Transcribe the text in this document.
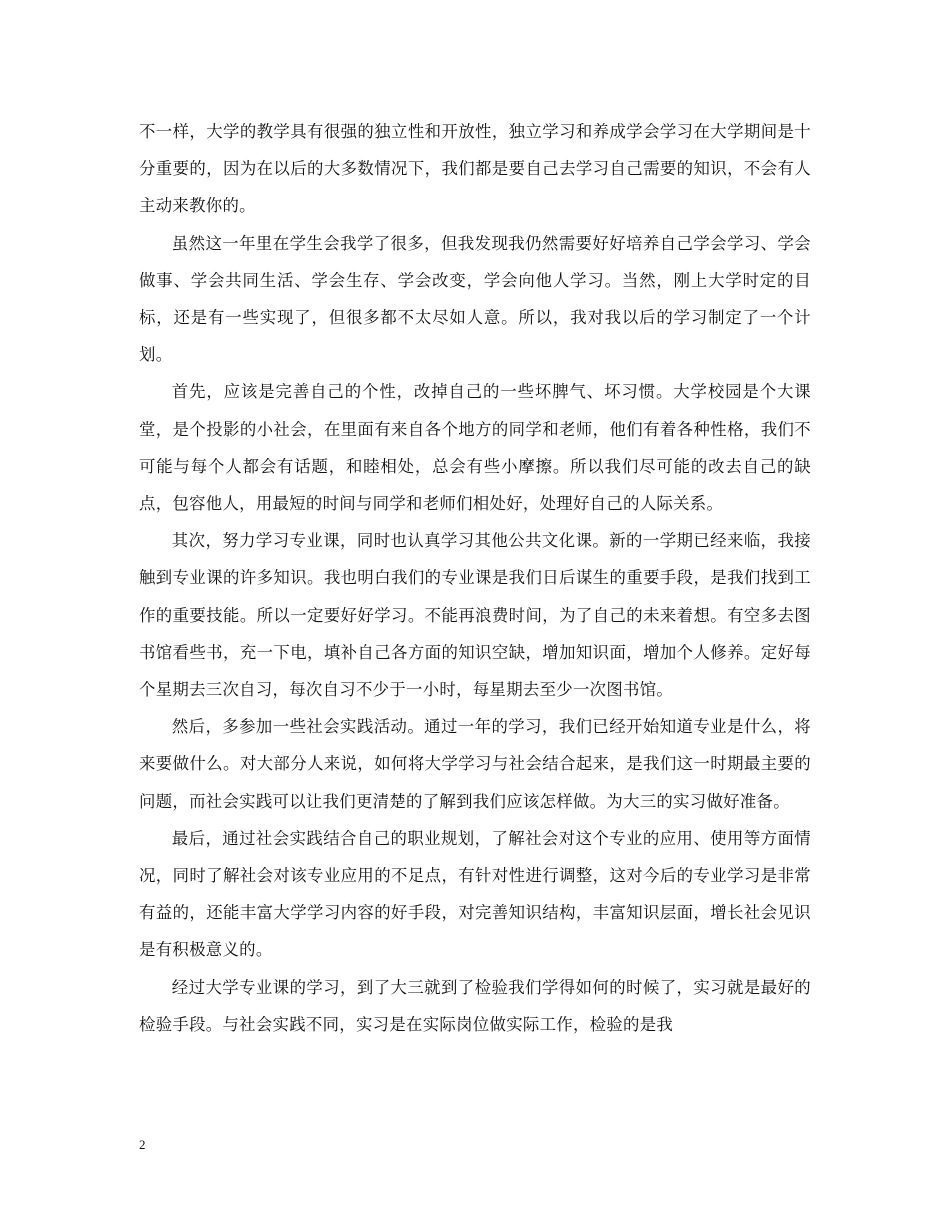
不一样，大学的教学具有很强的独立性和开放性，独立学习和养成学会学习在大学期间是十分重要的，因为在以后的大多数情况下，我们都是要自己去学习自己需要的知识，不会有人主动来教你的。

虽然这一年里在学生会我学了很多，但我发现我仍然需要好好培养自己学会学习、学会做事、学会共同生活、学会生存、学会改变，学会向他人学习。当然，刚上大学时定的目标，还是有一些实现了，但很多都不太尽如人意。所以，我对我以后的学习制定了一个计划。

首先，应该是完善自己的个性，改掉自己的一些坏脾气、坏习惯。大学校园是个大课堂，是个投影的小社会，在里面有来自各个地方的同学和老师，他们有着各种性格，我们不可能与每个人都会有话题，和睦相处，总会有些小摩擦。所以我们尽可能的改去自己的缺点，包容他人，用最短的时间与同学和老师们相处好，处理好自己的人际关系。

其次，努力学习专业课，同时也认真学习其他公共文化课。新的一学期已经来临，我接触到专业课的许多知识。我也明白我们的专业课是我们日后谋生的重要手段，是我们找到工作的重要技能。所以一定要好好学习。不能再浪费时间，为了自己的未来着想。有空多去图书馆看些书，充一下电，填补自己各方面的知识空缺，增加知识面，增加个人修养。定好每个星期去三次自习，每次自习不少于一小时，每星期去至少一次图书馆。

然后，多参加一些社会实践活动。通过一年的学习，我们已经开始知道专业是什么，将来要做什么。对大部分人来说，如何将大学学习与社会结合起来，是我们这一时期最主要的问题，而社会实践可以让我们更清楚的了解到我们应该怎样做。为大三的实习做好准备。

最后，通过社会实践结合自己的职业规划，了解社会对这个专业的应用、使用等方面情况，同时了解社会对该专业应用的不足点，有针对性进行调整，这对今后的专业学习是非常有益的，还能丰富大学学习内容的好手段，对完善知识结构，丰富知识层面，增长社会见识是有积极意义的。

经过大学专业课的学习，到了大三就到了检验我们学得如何的时候了，实习就是最好的检验手段。与社会实践不同，实习是在实际岗位做实际工作，检验的是我

2
